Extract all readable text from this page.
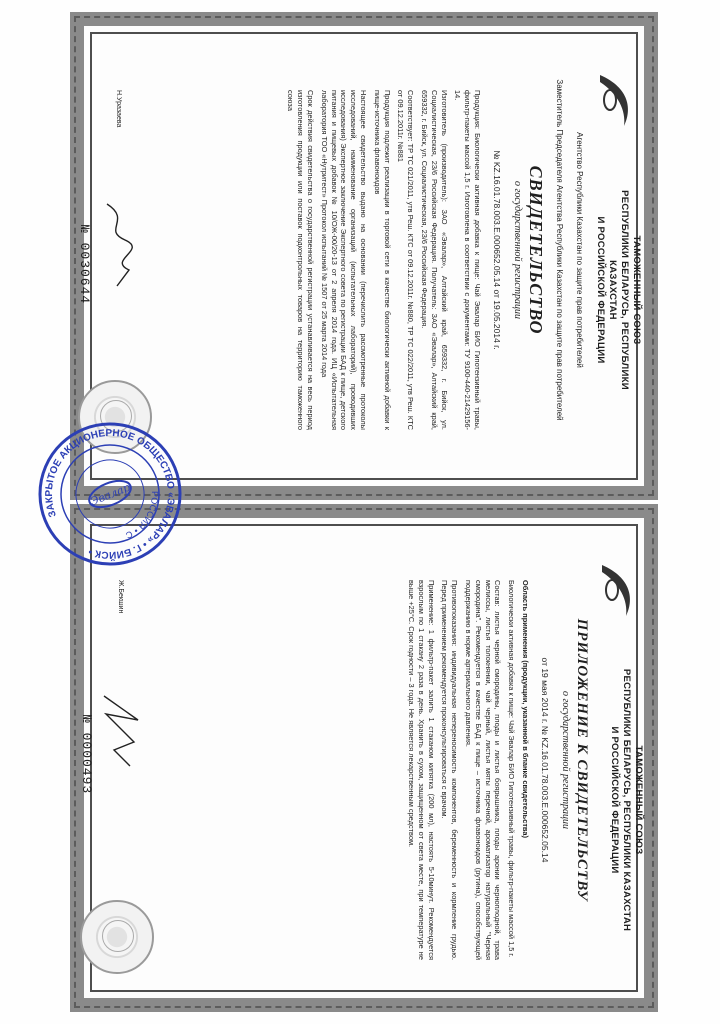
ТАМОЖЕННЫЙ СОЮЗ
РЕСПУБЛИКИ БЕЛАРУСЬ, РЕСПУБЛИКИ КАЗАХСТАН
И РОССИЙСКОЙ ФЕДЕРАЦИИ
Агентство Республики Казахстан по защите прав потребителей
Заместитель Председателя Агентства Республики Казахстан по защите прав потребителей
СВИДЕТЕЛЬСТВО
о государственной регистрации
№ KZ.16.01.78.003.Е.000652.05.14 от 19.05.2014 г.

Продукция: Биологически активная добавка к пище: Чай Эвалар БИО Гипотензивный травы, фильтр-пакеты массой 1,5 г. Изготовлена в соответствии с документами: ТУ 9100-440-21429156-14.

Изготовитель (производитель): ЗАО «Эвалар», Алтайский край, 659332, г. Бийск, ул. Социалистическая, 23/6 Российская Федерация. Получатель: ЗАО «Эвалар», Алтайский край, 659332, г. Бийск, ул. Социалистическая, 23/6 Российская Федерация.

Соответствует: ТР ТС 021/2011, утв Реш. КТС от 09.12.2011г. №880, ТР ТС 022/2011, утв Реш. КТС от 09.12.2011г. №881

Продукция подлежит реализации в торговой сети в качестве биологически активной добавки к пище-источника флавоноидов

Настоящее свидетельство выдано на основании (перечислить рассмотренные протоколы исследований, наименование организаций (испытательных лабораторий), проводивших исследования) Экспертное заключение Экспертного совета по регистрации БАД к пище, детского питания и пищевых добавок № 10/ОЖ-00/20-13 от 2 апреля 2014 года. ИЦ «Испытательная лаборатория ТОО «Нутритест» Протокол испытаний № 1507 от 25 марта 2014 года

Срок действия свидетельства о государственной регистрации устанавливается на весь период изготовления продукции или поставок подконтрольных товаров на территорию таможенного союза

Н.Уразаева
№ 0030644
ТАМОЖЕННЫЙ СОЮЗ
РЕСПУБЛИКИ БЕЛАРУСЬ, РЕСПУБЛИКИ КАЗАХСТАН
И РОССИЙСКОЙ ФЕДЕРАЦИИ
ПРИЛОЖЕНИЕ К СВИДЕТЕЛЬСТВУ
о государственной регистрации
от 19 мая 2014 г. № KZ.16.01.78.003.Е.000652.05.14

Область применения (продукции, указанной в бланке свидетельства)

Биологически активная добавка к пище: Чай Эвалар БИО Гипотензивный травы, фильтр-пакеты массой 1,5 г.

Состав: листья черной смородины, плоды и листья боярышника, плоды аронии черноплодной, трава мелиссы, листья толокнянки, чай черный, листья мяты перечной, ароматизатор натуральный "Черная смородина". Рекомендуется в качестве БАД к пище – источника флавоноидов (рутина), способствующей поддержанию в норме артериального давления.

Противопоказания: индивидуальная непереносимость компонентов, беременность и кормление грудью. Перед применением рекомендуется проконсультироваться с врачом.

Применение: 1 фильтр-пакет залить 1 стаканом кипятка (200 мл), настоять 5-10минут. Рекомендуется взрослым по 1 стакану 2 раза в день. Хранить в сухом, защищенном от света месте, при температуре не выше +25°С. Срок годности – 3 года. Не является лекарственным средством.

Ж.Бекшин
№ 0000493
ЗАКРЫТОЕ АКЦИОНЕРНОЕ ОБЩЕСТВО «ЭВАЛАР» • Г. БИЙСК •
РОССИЯ • С
Эвалар
